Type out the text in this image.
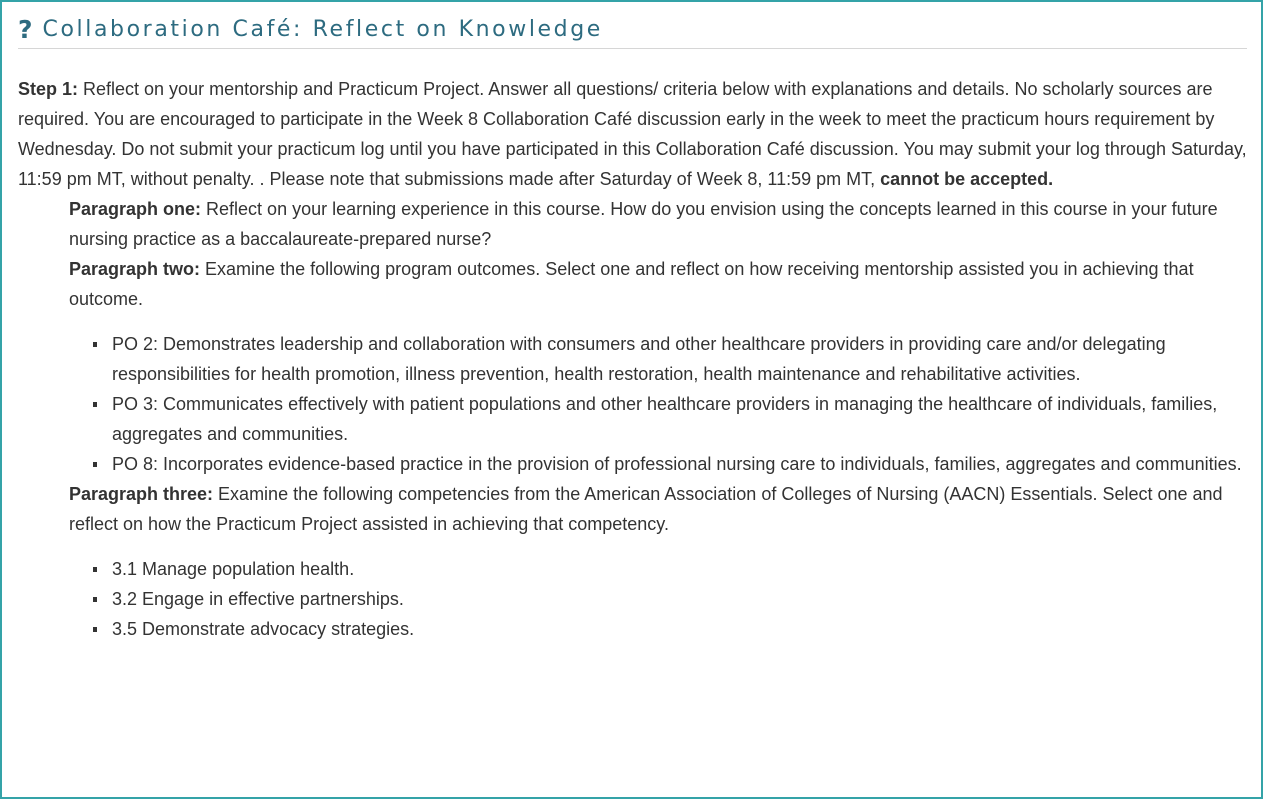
? Collaboration Café: Reflect on Knowledge

Step 1: Reflect on your mentorship and Practicum Project. Answer all questions/ criteria below with explanations and details. No scholarly sources are required. You are encouraged to participate in the Week 8 Collaboration Café discussion early in the week to meet the practicum hours requirement by Wednesday. Do not submit your practicum log until you have participated in this Collaboration Café discussion. You may submit your log through Saturday, 11:59 pm MT, without penalty. . Please note that submissions made after Saturday of Week 8, 11:59 pm MT, cannot be accepted.

Paragraph one: Reflect on your learning experience in this course. How do you envision using the concepts learned in this course in your future nursing practice as a baccalaureate-prepared nurse?

Paragraph two: Examine the following program outcomes. Select one and reflect on how receiving mentorship assisted you in achieving that outcome.

PO 2: Demonstrates leadership and collaboration with consumers and other healthcare providers in providing care and/or delegating responsibilities for health promotion, illness prevention, health restoration, health maintenance and rehabilitative activities.
PO 3: Communicates effectively with patient populations and other healthcare providers in managing the healthcare of individuals, families, aggregates and communities.
PO 8: Incorporates evidence-based practice in the provision of professional nursing care to individuals, families, aggregates and communities.

Paragraph three: Examine the following competencies from the American Association of Colleges of Nursing (AACN) Essentials. Select one and reflect on how the Practicum Project assisted in achieving that competency.

3.1 Manage population health.
3.2 Engage in effective partnerships.
3.5 Demonstrate advocacy strategies.
